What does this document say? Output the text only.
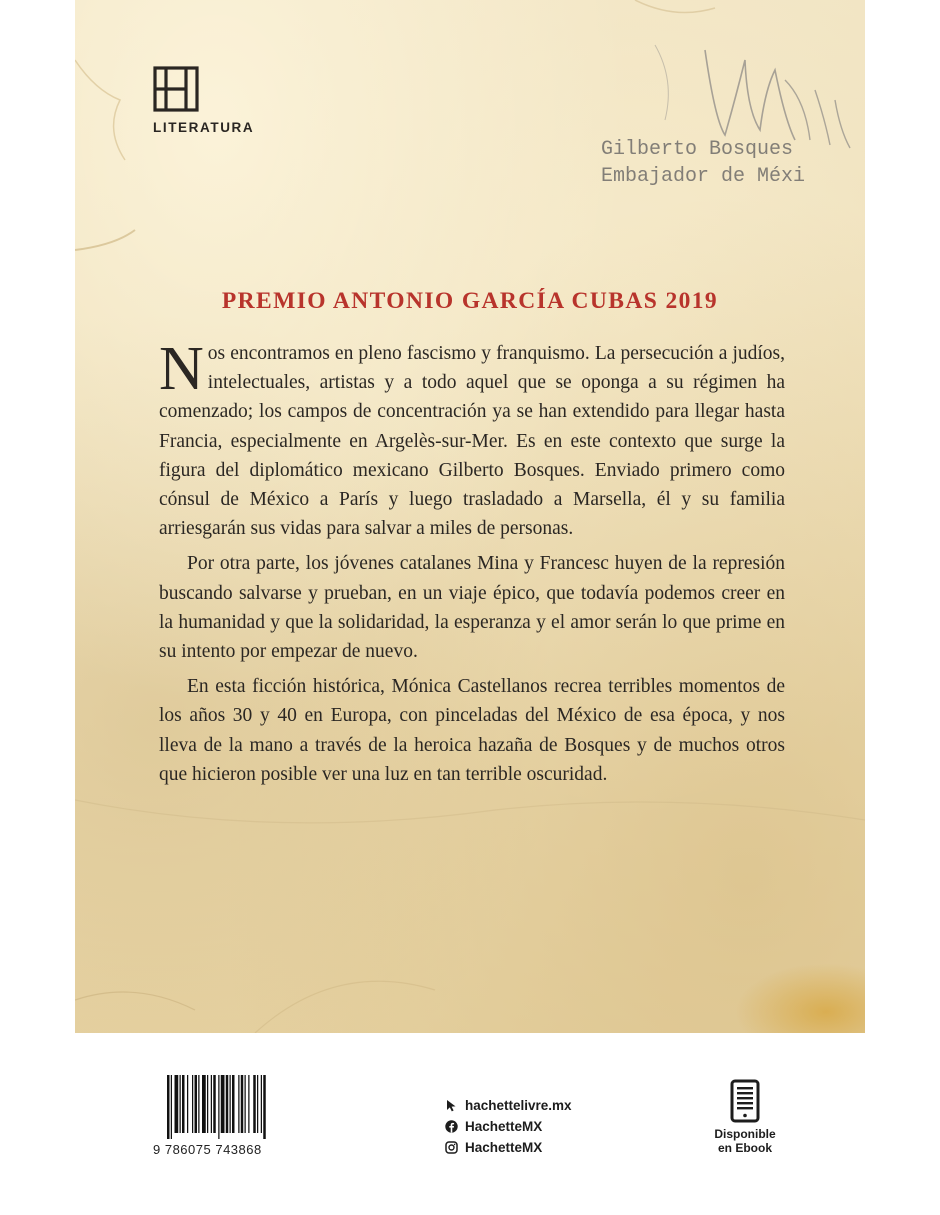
LITERATURA
Gilberto Bosques
Embajador de Méxi
PREMIO ANTONIO GARCÍA CUBAS 2019

Nos encontramos en pleno fascismo y franquismo. La persecución a judíos, intelectuales, artistas y a todo aquel que se oponga a su régimen ha comenzado; los campos de concentración ya se han extendido para llegar hasta Francia, especialmente en Argelès-sur-Mer. Es en este contexto que surge la figura del diplomático mexicano Gilberto Bosques. Enviado primero como cónsul de México a París y luego trasladado a Marsella, él y su familia arriesgarán sus vidas para salvar a miles de personas.

Por otra parte, los jóvenes catalanes Mina y Francesc huyen de la represión buscando salvarse y prueban, en un viaje épico, que todavía podemos creer en la humanidad y que la solidaridad, la esperanza y el amor serán lo que prime en su intento por empezar de nuevo.

En esta ficción histórica, Mónica Castellanos recrea terribles momentos de los años 30 y 40 en Europa, con pinceladas del México de esa época, y nos lleva de la mano a través de la heroica hazaña de Bosques y de muchos otros que hicieron posible ver una luz en tan terrible oscuridad.

9 786075 743868
hachettelivre.mx
HachetteMX
HachetteMX
Disponible
en Ebook
